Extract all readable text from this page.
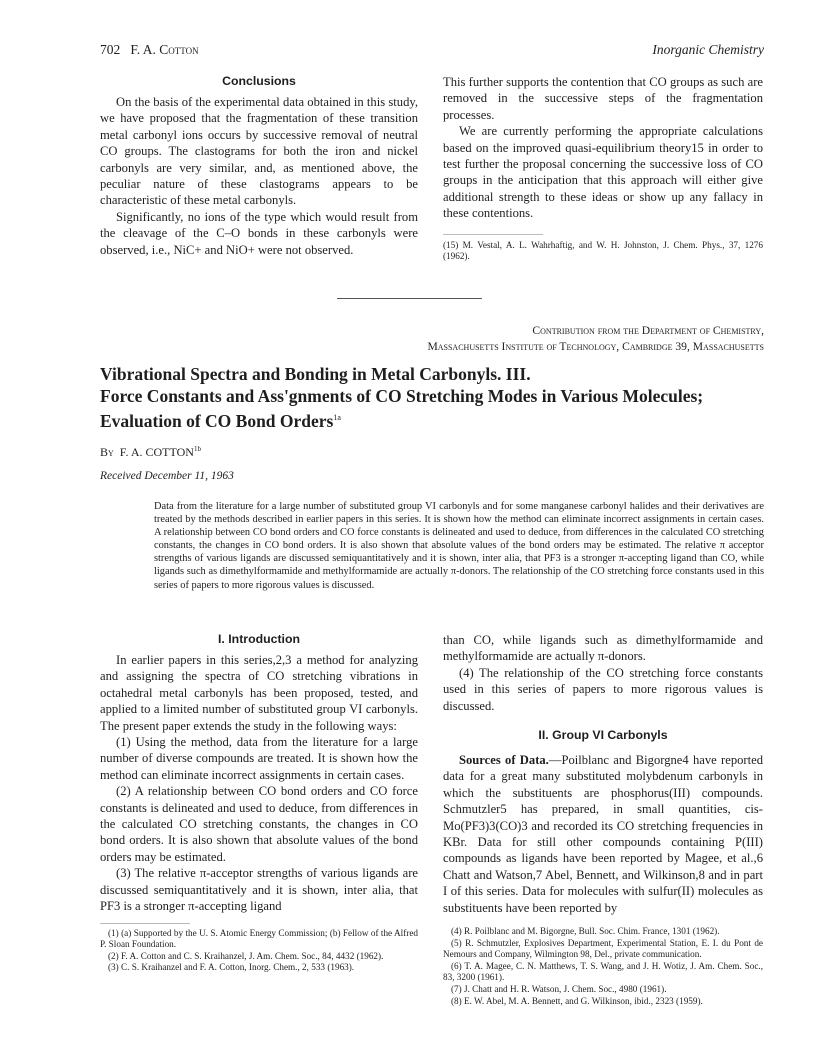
702 F. A. Cotton	Inorganic Chemistry

Conclusions

On the basis of the experimental data obtained in this study, we have proposed that the fragmentation of these transition metal carbonyl ions occurs by successive removal of neutral CO groups. The clastograms for both the iron and nickel carbonyls are very similar, and, as mentioned above, the peculiar nature of these clastograms appears to be characteristic of these metal carbonyls.

Significantly, no ions of the type which would result from the cleavage of the C–O bonds in these carbonyls were observed, i.e., NiC+ and NiO+ were not observed.

This further supports the contention that CO groups as such are removed in the successive steps of the fragmentation processes.

We are currently performing the appropriate calculations based on the improved quasi-equilibrium theory15 in order to test further the proposal concerning the successive loss of CO groups in the anticipation that this approach will either give additional strength to these ideas or show up any fallacy in these contentions.

(15) M. Vestal, A. L. Wahrhaftig, and W. H. Johnston, J. Chem. Phys., 37, 1276 (1962).

Contribution from the Department of Chemistry,
Massachusetts Institute of Technology, Cambridge 39, Massachusetts
Vibrational Spectra and Bonding in Metal Carbonyls. III.
Force Constants and Ass'gnments of CO Stretching Modes in Various Molecules;
Evaluation of CO Bond Orders$^{1a}$
By F. A. $COTTON^{1b}$
Received December 11, 1963

Data from the literature for a large number of substituted group VI carbonyls and for some manganese carbonyl halides and their derivatives are treated by the methods described in earlier papers in this series. It is shown how the method can eliminate incorrect assignments in certain cases. A relationship between CO bond orders and CO force constants is delineated and used to deduce, from differences in the calculated CO stretching constants, the changes in CO bond orders. It is also shown that absolute values of the bond orders may be estimated. The relative π acceptor strengths of various ligands are discussed semiquantitatively and it is shown, inter alia, that PF3 is a stronger π-accepting ligand than CO, while ligands such as dimethylformamide and methylformamide are actually π-donors. The relationship of the CO stretching force constants used in this series of papers to more rigorous values is discussed.

I. Introduction

In earlier papers in this series,2,3 a method for analyzing and assigning the spectra of CO stretching vibrations in octahedral metal carbonyls has been proposed, tested, and applied to a limited number of substituted group VI carbonyls. The present paper extends the study in the following ways:

(1) Using the method, data from the literature for a large number of diverse compounds are treated. It is shown how the method can eliminate incorrect assignments in certain cases.

(2) A relationship between CO bond orders and CO force constants is delineated and used to deduce, from differences in the calculated CO stretching constants, the changes in CO bond orders. It is also shown that absolute values of the bond orders may be estimated.

(3) The relative π-acceptor strengths of various ligands are discussed semiquantitatively and it is shown, inter alia, that PF3 is a stronger π-accepting ligand

(1) (a) Supported by the U. S. Atomic Energy Commission; (b) Fellow of the Alfred P. Sloan Foundation.

(2) F. A. Cotton and C. S. Kraihanzel, J. Am. Chem. Soc., 84, 4432 (1962).

(3) C. S. Kraihanzel and F. A. Cotton, Inorg. Chem., 2, 533 (1963).

than CO, while ligands such as dimethylformamide and methylformamide are actually π-donors.

(4) The relationship of the CO stretching force constants used in this series of papers to more rigorous values is discussed.

II. Group VI Carbonyls

Sources of Data.—Poilblanc and Bigorgne4 have reported data for a great many substituted molybdenum carbonyls in which the substituents are phosphorus(III) compounds. Schmutzler5 has prepared, in small quantities, cis-Mo(PF3)3(CO)3 and recorded its CO stretching frequencies in KBr. Data for still other compounds containing P(III) compounds as ligands have been reported by Magee, et al.,6 Chatt and Watson,7 Abel, Bennett, and Wilkinson,8 and in part I of this series. Data for molecules with sulfur(II) molecules as substituents have been reported by

(4) R. Poilblanc and M. Bigorgne, Bull. Soc. Chim. France, 1301 (1962).

(5) R. Schmutzler, Explosives Department, Experimental Station, E. I. du Pont de Nemours and Company, Wilmington 98, Del., private communication.

(6) T. A. Magee, C. N. Matthews, T. S. Wang, and J. H. Wotiz, J. Am. Chem. Soc., 83, 3200 (1961).

(7) J. Chatt and H. R. Watson, J. Chem. Soc., 4980 (1961).

(8) E. W. Abel, M. A. Bennett, and G. Wilkinson, ibid., 2323 (1959).
